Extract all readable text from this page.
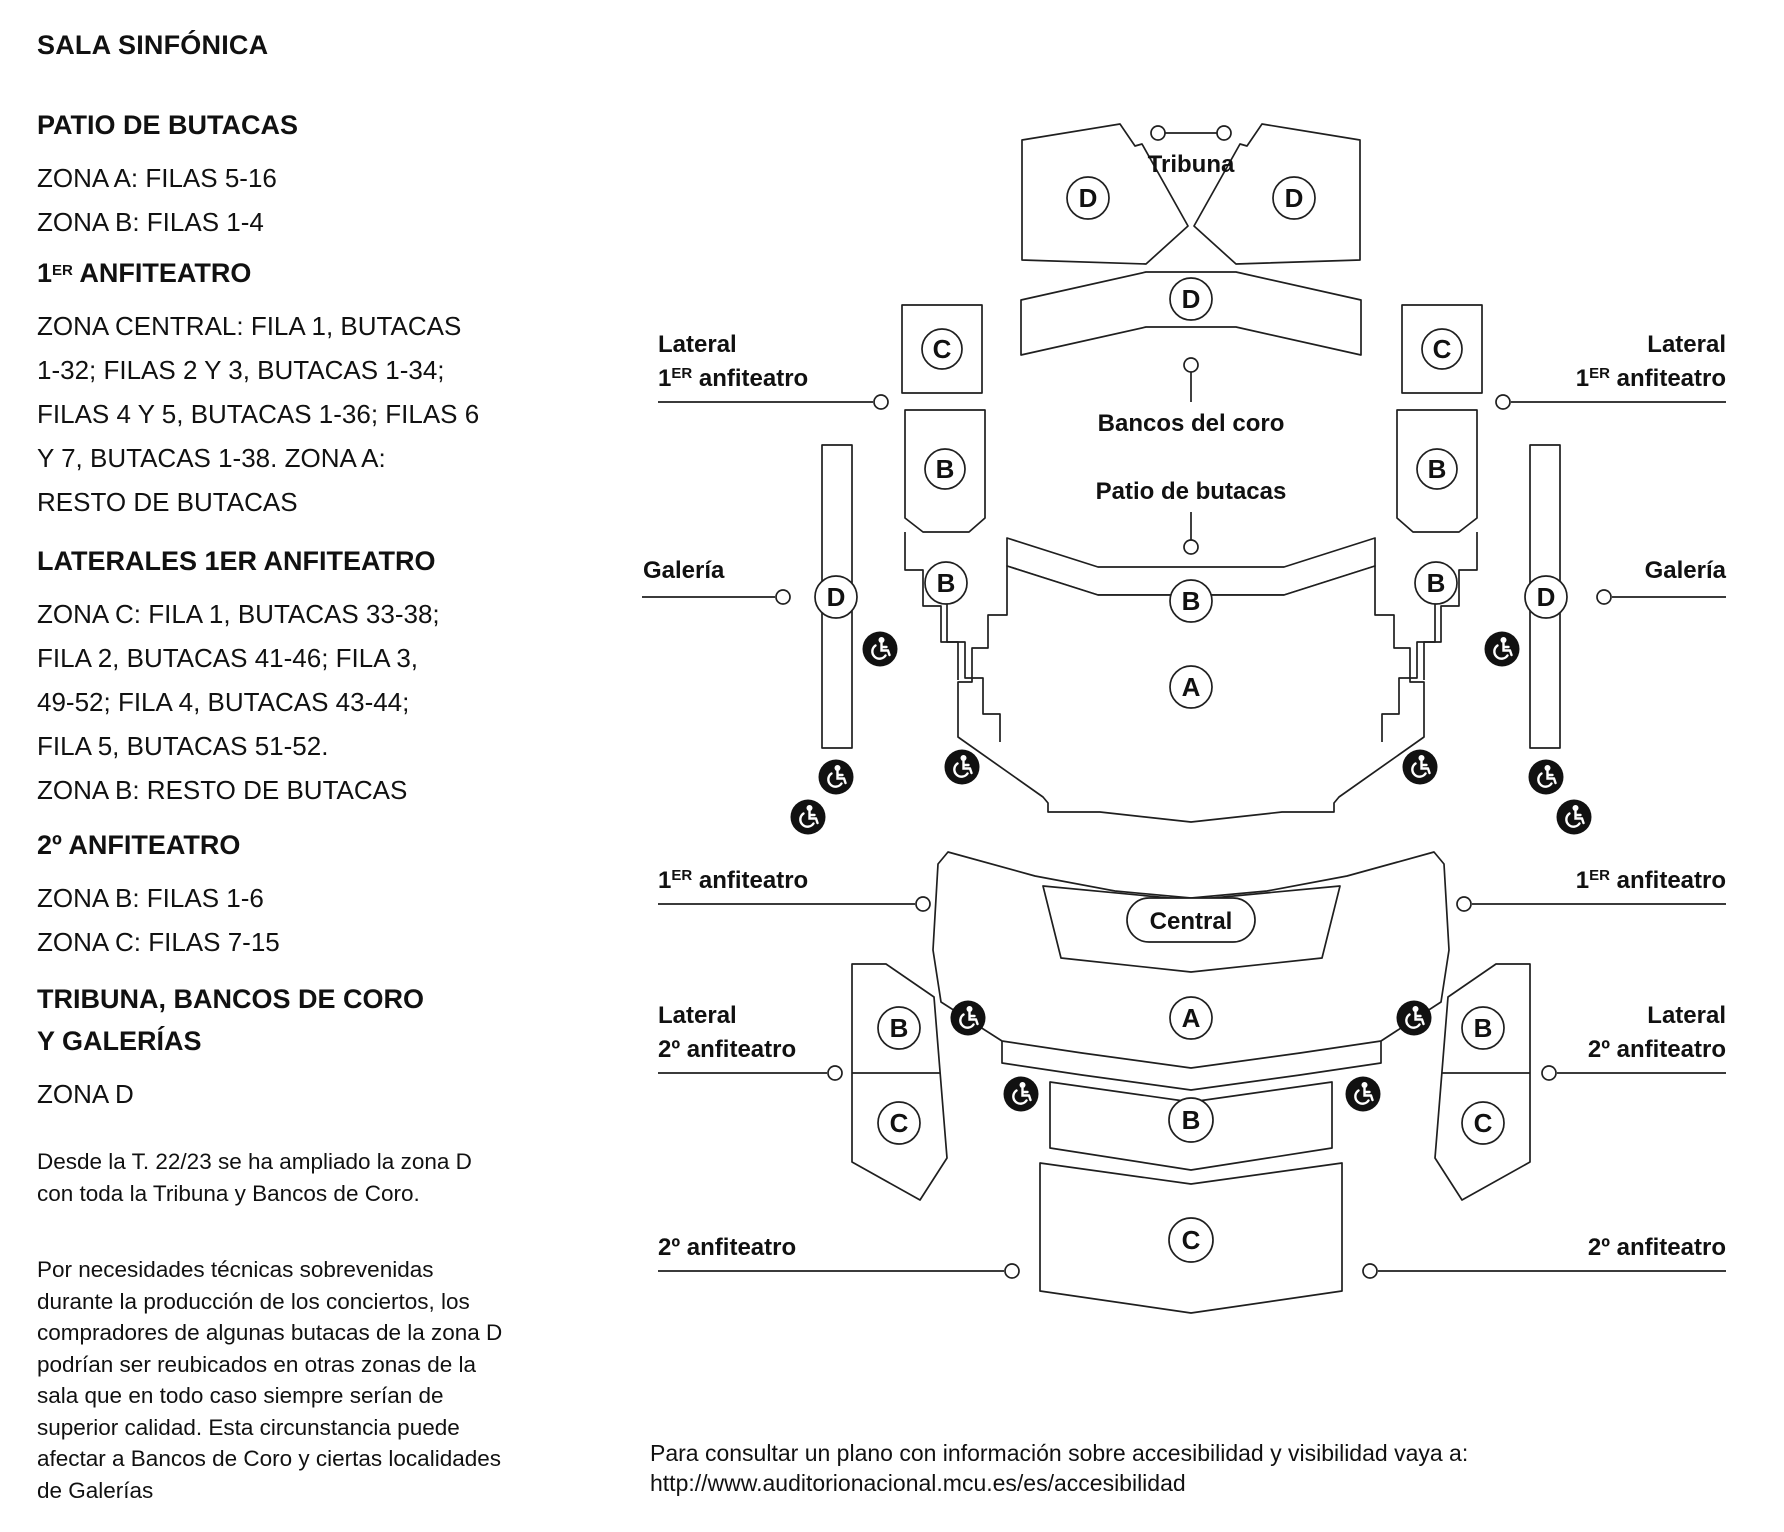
SALA SINFÓNICA
PATIO DE BUTACAS
ZONA A: FILAS 5-16
ZONA B: FILAS 1-4
1ER ANFITEATRO
ZONA CENTRAL: FILA 1, BUTACAS
1-32; FILAS 2 Y 3, BUTACAS 1-34;
FILAS 4 Y 5, BUTACAS 1-36; FILAS 6
Y 7, BUTACAS 1-38. ZONA A:
RESTO DE BUTACAS
LATERALES 1ER ANFITEATRO
ZONA C: FILA 1, BUTACAS 33-38;
FILA 2, BUTACAS 41-46; FILA 3,
49-52; FILA 4, BUTACAS 43-44;
FILA 5, BUTACAS 51-52.
ZONA B: RESTO DE BUTACAS
2º ANFITEATRO
ZONA B: FILAS 1-6
ZONA C: FILAS 7-15
TRIBUNA, BANCOS DE CORO
Y GALERÍAS
ZONA D
Desde la T. 22/23 se ha ampliado la zona D con toda la Tribuna y Bancos de Coro.
Por necesidades técnicas sobrevenidas durante la producción de los conciertos, los compradores de algunas butacas de la zona D podrían ser reubicados en otras zonas de la sala que en todo caso siempre serían de superior calidad. Esta circunstancia puede afectar a Bancos de Coro y ciertas localidades de Galerías
Para consultar un plano con información sobre accesibilidad y visibilidad vaya a: http://www.auditorionacional.mcu.es/es/accesibilidad
D	D
D
C	C
B	B
B	B
D	D
B
A
A
B	B
B
C	C
C
Tribuna
Bancos del coro
Patio de butacas
Central
Lateral
1ER anfiteatro
Lateral
1ER anfiteatro
Galería	Galería
1ER anfiteatro	1ER anfiteatro
Lateral
2º anfiteatro
Lateral
2º anfiteatro
2º anfiteatro	2º anfiteatro
